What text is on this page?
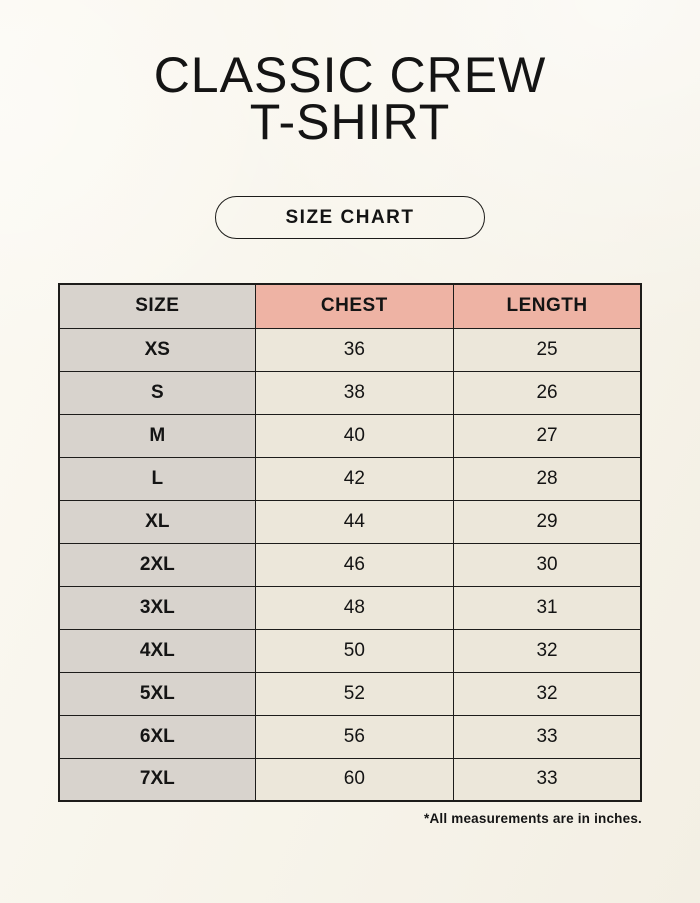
CLASSIC CREW
T-SHIRT
SIZE CHART
SIZE	CHEST	LENGTH
XS	36	25
S	38	26
M	40	27
L	42	28
XL	44	29
2XL	46	30
3XL	48	31
4XL	50	32
5XL	52	32
6XL	56	33
7XL	60	33

*All measurements are in inches.
